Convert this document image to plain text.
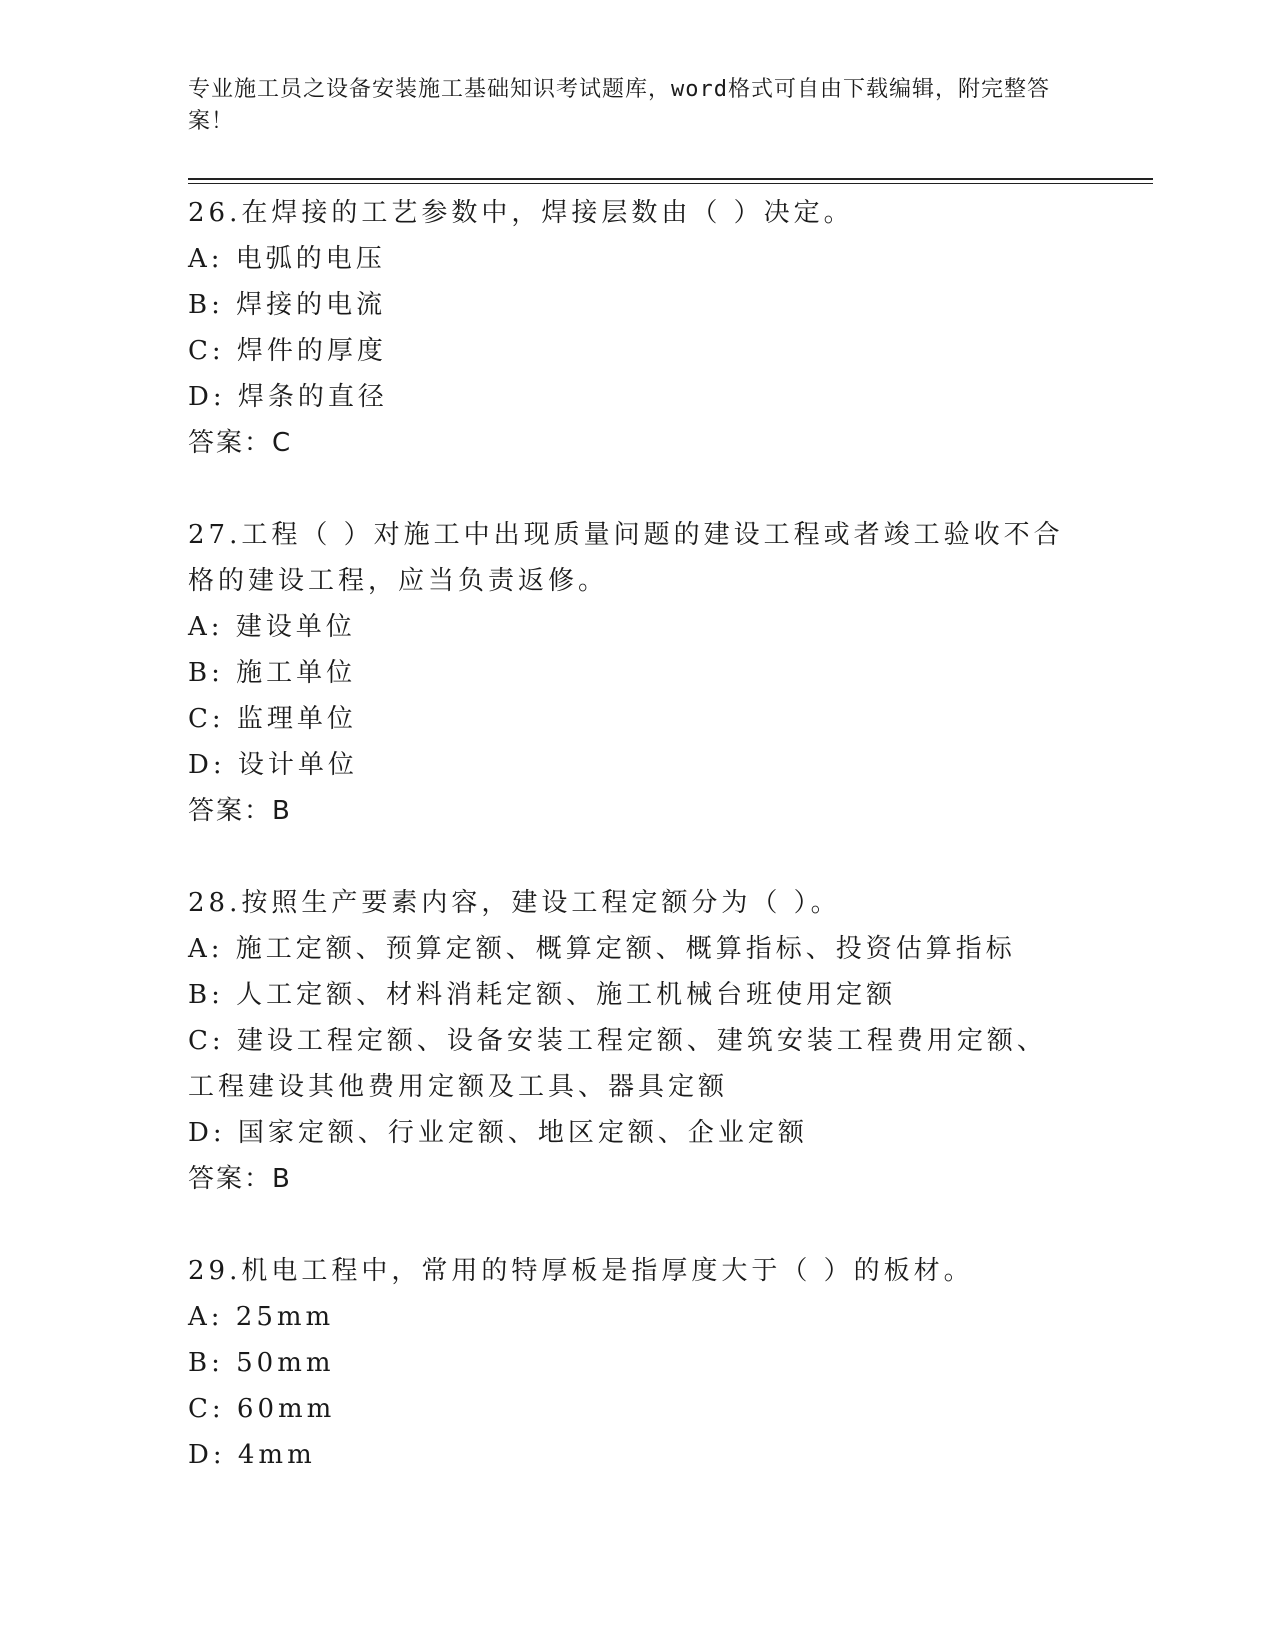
专业施工员之设备安装施工基础知识考试题库，word格式可自由下载编辑，附完整答案！
26.在焊接的工艺参数中，焊接层数由（ ）决定。
A: 电弧的电压
B: 焊接的电流
C: 焊件的厚度
D: 焊条的直径
答案：C
27.工程（ ）对施工中出现质量问题的建设工程或者竣工验收不合格的建设工程，应当负责返修。
A: 建设单位
B: 施工单位
C: 监理单位
D: 设计单位
答案：B
28.按照生产要素内容，建设工程定额分为（ ）。
A: 施工定额、预算定额、概算定额、概算指标、投资估算指标
B: 人工定额、材料消耗定额、施工机械台班使用定额
C: 建设工程定额、设备安装工程定额、建筑安装工程费用定额、工程建设其他费用定额及工具、器具定额
D: 国家定额、行业定额、地区定额、企业定额
答案：B
29.机电工程中，常用的特厚板是指厚度大于（ ）的板材。
A: 25mm
B: 50mm
C: 60mm
D: 4mm
